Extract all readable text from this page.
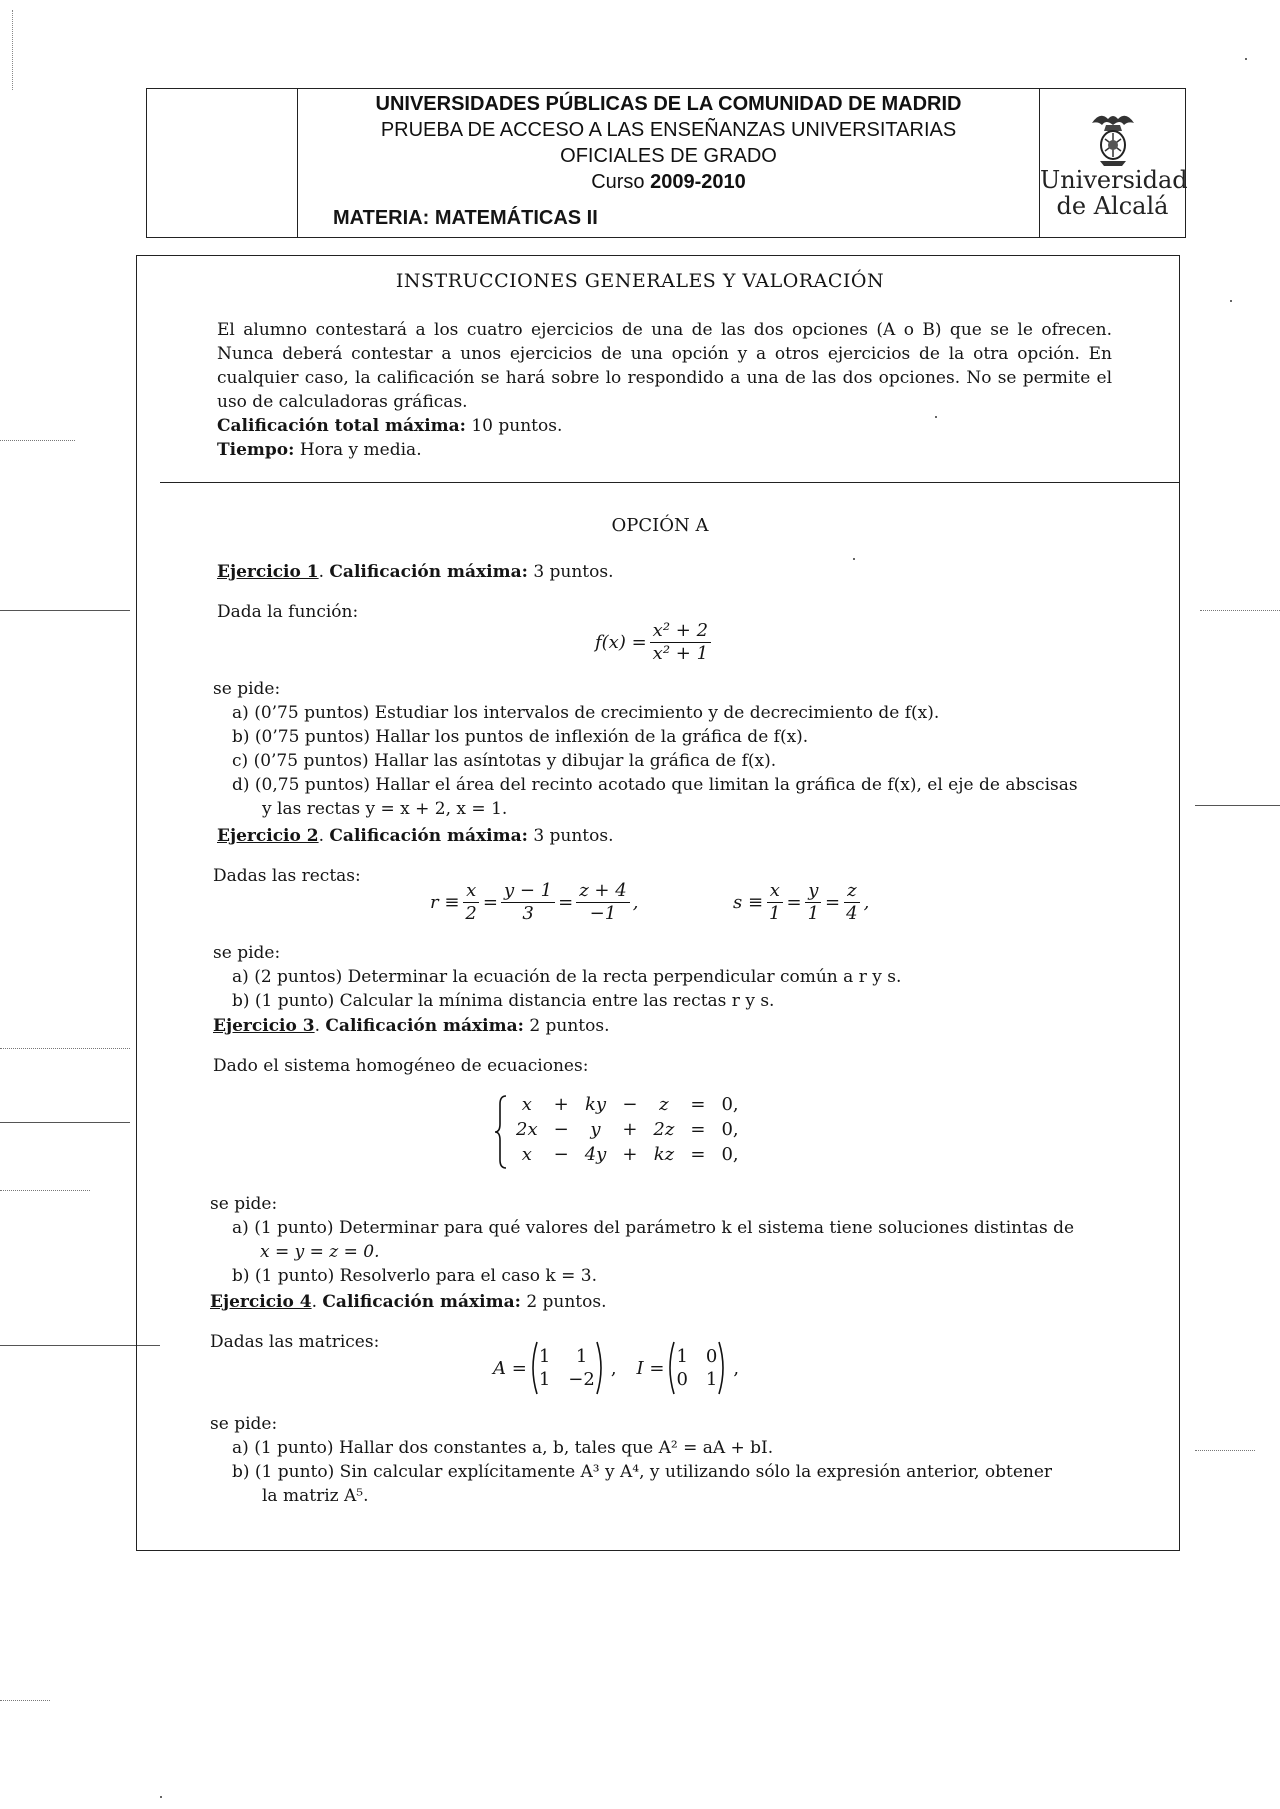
UNIVERSIDADES PÚBLICAS DE LA COMUNIDAD DE MADRID
PRUEBA DE ACCESO A LAS ENSEÑANZAS UNIVERSITARIAS
OFICIALES DE GRADO
Curso 2009-2010
MATERIA: MATEMÁTICAS II
Universidad
de Alcalá
INSTRUCCIONES GENERALES Y VALORACIÓN
El alumno contestará a los cuatro ejercicios de una de las dos opciones (A o B) que se le ofrecen. Nunca deberá contestar a unos ejercicios de una opción y a otros ejercicios de la otra opción. En cualquier caso, la calificación se hará sobre lo respondido a una de las dos opciones. No se permite el uso de calculadoras gráficas.
Calificación total máxima: 10 puntos.
Tiempo: Hora y media.
OPCIÓN A
Ejercicio 1. Calificación máxima: 3 puntos.
Dada la función:
$f(x) = \frac{\text{x² + 2}}{\text{x² + 1}}$
se pide:
a) (0’75 puntos) Estudiar los intervalos de crecimiento y de decrecimiento de f(x).
b) (0’75 puntos) Hallar los puntos de inflexión de la gráfica de f(x).
c) (0’75 puntos) Hallar las asíntotas y dibujar la gráfica de f(x).
d) (0,75 puntos) Hallar el área del recinto acotado que limitan la gráfica de f(x), el eje de abscisas
y las rectas y = x + 2, x = 1.
Ejercicio 2. Calificación máxima: 3 puntos.
Dadas las rectas:
$r \equiv \frac{x}{2} = \frac{y - 1}{3} = \frac{z + 4}{-1}$ ,	$s \equiv \frac{x}{1} = \frac{y}{1} = \frac{z}{4}$ ,
se pide:
a) (2 puntos) Determinar la ecuación de la recta perpendicular común a r y s.
b) (1 punto) Calcular la mínima distancia entre las rectas r y s.
Ejercicio 3. Calificación máxima: 2 puntos.
Dado el sistema homogéneo de ecuaciones:
x	+	ky	−	z	=	0,
2x	−	y	+	2z	=	0,
x	−	4y	+	kz	=	0,
se pide:
a) (1 punto) Determinar para qué valores del parámetro k el sistema tiene soluciones distintas de
x = y = z = 0.
b) (1 punto) Resolverlo para el caso k = 3.
Ejercicio 4. Calificación máxima: 2 puntos.
Dadas las matrices:
A =
1	1
1 −2
, I =
1 0
0 1
,
se pide:
a) (1 punto) Hallar dos constantes a, b, tales que A² = aA + bI.
b) (1 punto) Sin calcular explícitamente A³ y A⁴, y utilizando sólo la expresión anterior, obtener
la matriz A⁵.
